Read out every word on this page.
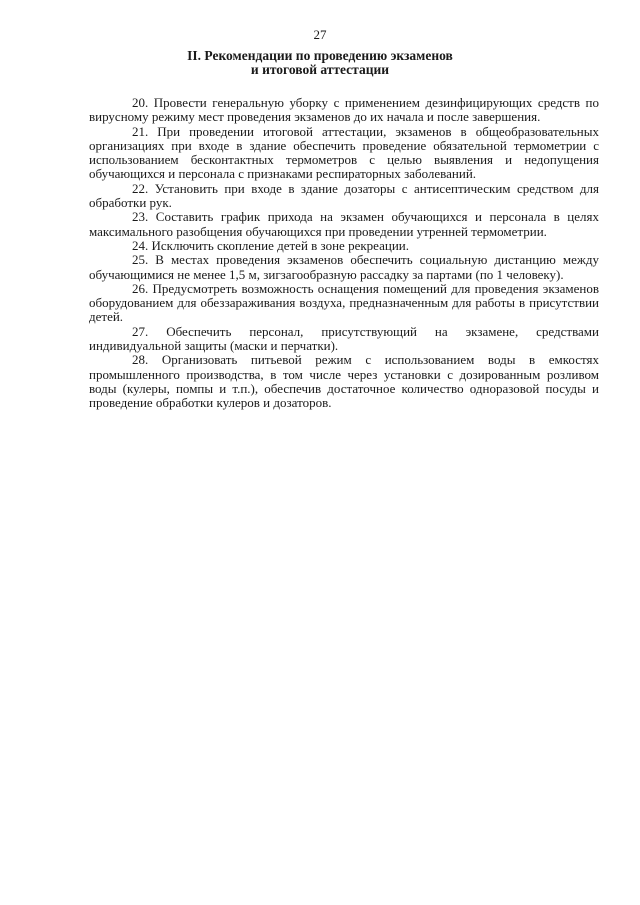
27
II. Рекомендации по проведению экзаменов
и итоговой аттестации

20. Провести генеральную уборку с применением дезинфицирующих средств по вирусному режиму мест проведения экзаменов до их начала и после завершения.

21. При проведении итоговой аттестации, экзаменов в общеобразовательных организациях при входе в здание обеспечить проведение обязательной термометрии с использованием бесконтактных термометров с целью выявления и недопущения обучающихся и персонала с признаками респираторных заболеваний.

22. Установить при входе в здание дозаторы с антисептическим средством для обработки рук.

23. Составить график прихода на экзамен обучающихся и персонала в целях максимального разобщения обучающихся при проведении утренней термометрии.

24. Исключить скопление детей в зоне рекреации.

25. В местах проведения экзаменов обеспечить социальную дистанцию между обучающимися не менее 1,5 м, зигзагообразную рассадку за партами (по 1 человеку).

26. Предусмотреть возможность оснащения помещений для проведения экзаменов оборудованием для обеззараживания воздуха, предназначенным для работы в присутствии детей.

27. Обеспечить персонал, присутствующий на экзамене, средствами индивидуальной защиты (маски и перчатки).

28. Организовать питьевой режим с использованием воды в емкостях промышленного производства, в том числе через установки с дозированным розливом воды (кулеры, помпы и т.п.), обеспечив достаточное количество одноразовой посуды и проведение обработки кулеров и дозаторов.
